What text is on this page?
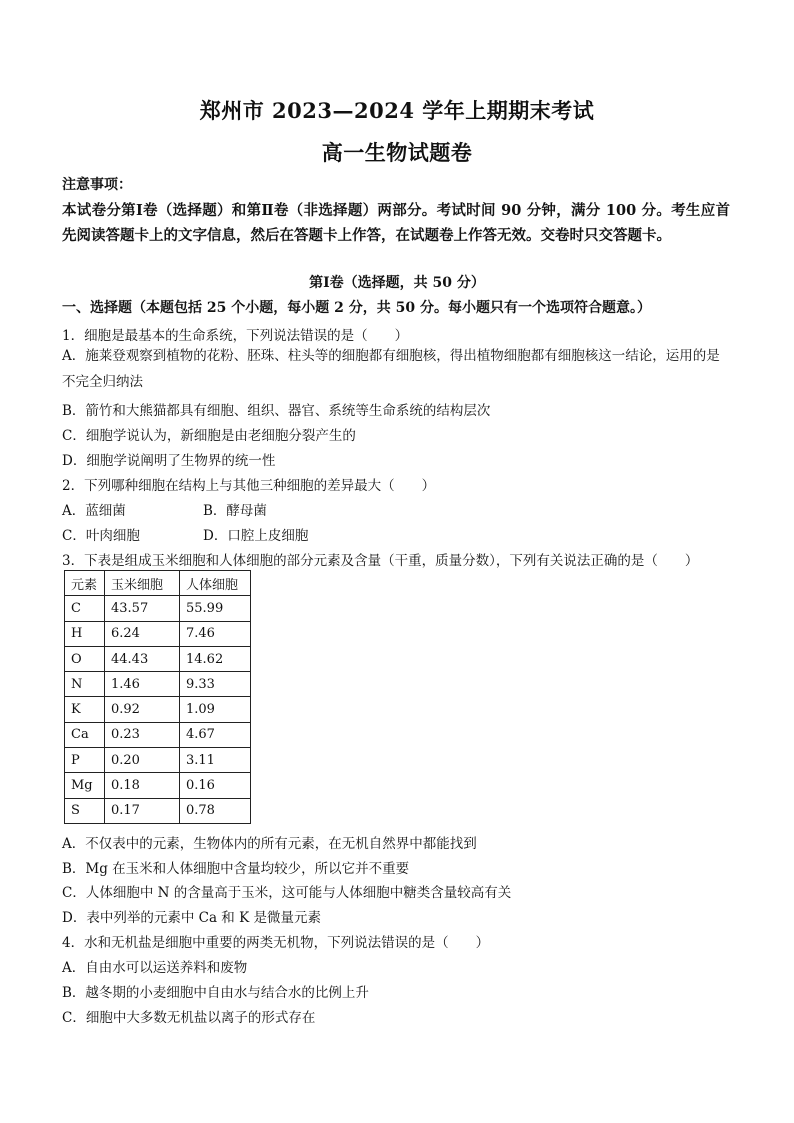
郑州市 2023—2024 学年上期期末考试
高一生物试题卷
注意事项：
本试卷分第Ⅰ卷（选择题）和第Ⅱ卷（非选择题）两部分。考试时间 90 分钟，满分 100 分。考生应首先阅读答题卡上的文字信息，然后在答题卡上作答，在试题卷上作答无效。交卷时只交答题卡。
第Ⅰ卷（选择题，共 50 分）
一、选择题（本题包括 25 个小题，每小题 2 分，共 50 分。每小题只有一个选项符合题意。）
1．细胞是最基本的生命系统，下列说法错误的是（　　）
A．施莱登观察到植物的花粉、胚珠、柱头等的细胞都有细胞核，得出植物细胞都有细胞核这一结论，运用的是不完全归纳法
B．箭竹和大熊猫都具有细胞、组织、器官、系统等生命系统的结构层次
C．细胞学说认为，新细胞是由老细胞分裂产生的
D．细胞学说阐明了生物界的统一性
2．下列哪种细胞在结构上与其他三种细胞的差异最大（　　）
A．蓝细菌	B．酵母菌
C．叶肉细胞	D．口腔上皮细胞
3．下表是组成玉米细胞和人体细胞的部分元素及含量（干重，质量分数），下列有关说法正确的是（　　）
元素	玉米细胞	人体细胞
C	43.57	55.99
H	6.24	7.46
O	44.43	14.62
N	1.46	9.33
K	0.92	1.09
Ca	0.23	4.67
P	0.20	3.11
Mg	0.18	0.16
S	0.17	0.78
A．不仅表中的元素，生物体内的所有元素，在无机自然界中都能找到
B．Mg 在玉米和人体细胞中含量均较少，所以它并不重要
C．人体细胞中 N 的含量高于玉米，这可能与人体细胞中糖类含量较高有关
D．表中列举的元素中 Ca 和 K 是微量元素
4．水和无机盐是细胞中重要的两类无机物，下列说法错误的是（　　）
A．自由水可以运送养料和废物
B．越冬期的小麦细胞中自由水与结合水的比例上升
C．细胞中大多数无机盐以离子的形式存在
